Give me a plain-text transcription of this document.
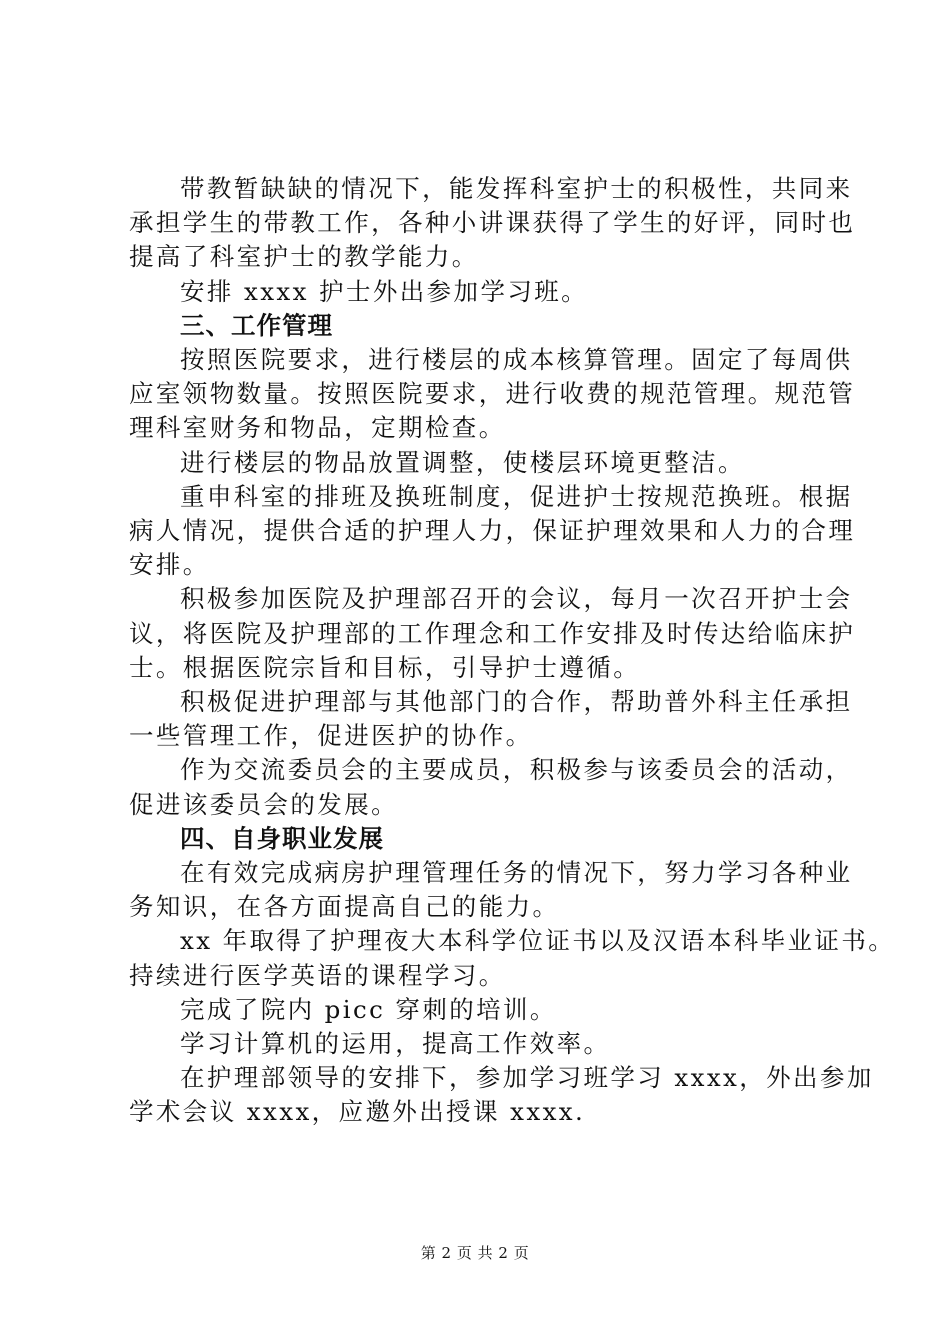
带教暂缺缺的情况下，能发挥科室护士的积极性，共同来
承担学生的带教工作，各种小讲课获得了学生的好评，同时也
提高了科室护士的教学能力。
安排 xxxx 护士外出参加学习班。
三、工作管理
按照医院要求，进行楼层的成本核算管理。固定了每周供
应室领物数量。按照医院要求，进行收费的规范管理。规范管
理科室财务和物品，定期检查。
进行楼层的物品放置调整，使楼层环境更整洁。
重申科室的排班及换班制度，促进护士按规范换班。根据
病人情况，提供合适的护理人力，保证护理效果和人力的合理
安排。
积极参加医院及护理部召开的会议，每月一次召开护士会
议，将医院及护理部的工作理念和工作安排及时传达给临床护
士。根据医院宗旨和目标，引导护士遵循。
积极促进护理部与其他部门的合作，帮助普外科主任承担
一些管理工作，促进医护的协作。
作为交流委员会的主要成员，积极参与该委员会的活动，
促进该委员会的发展。
四、自身职业发展
在有效完成病房护理管理任务的情况下，努力学习各种业
务知识，在各方面提高自己的能力。
xx 年取得了护理夜大本科学位证书以及汉语本科毕业证书。
持续进行医学英语的课程学习。
完成了院内 picc 穿刺的培训。
学习计算机的运用，提高工作效率。
在护理部领导的安排下，参加学习班学习 xxxx，外出参加
学术会议 xxxx，应邀外出授课 xxxx.
第 2 页 共 2 页
